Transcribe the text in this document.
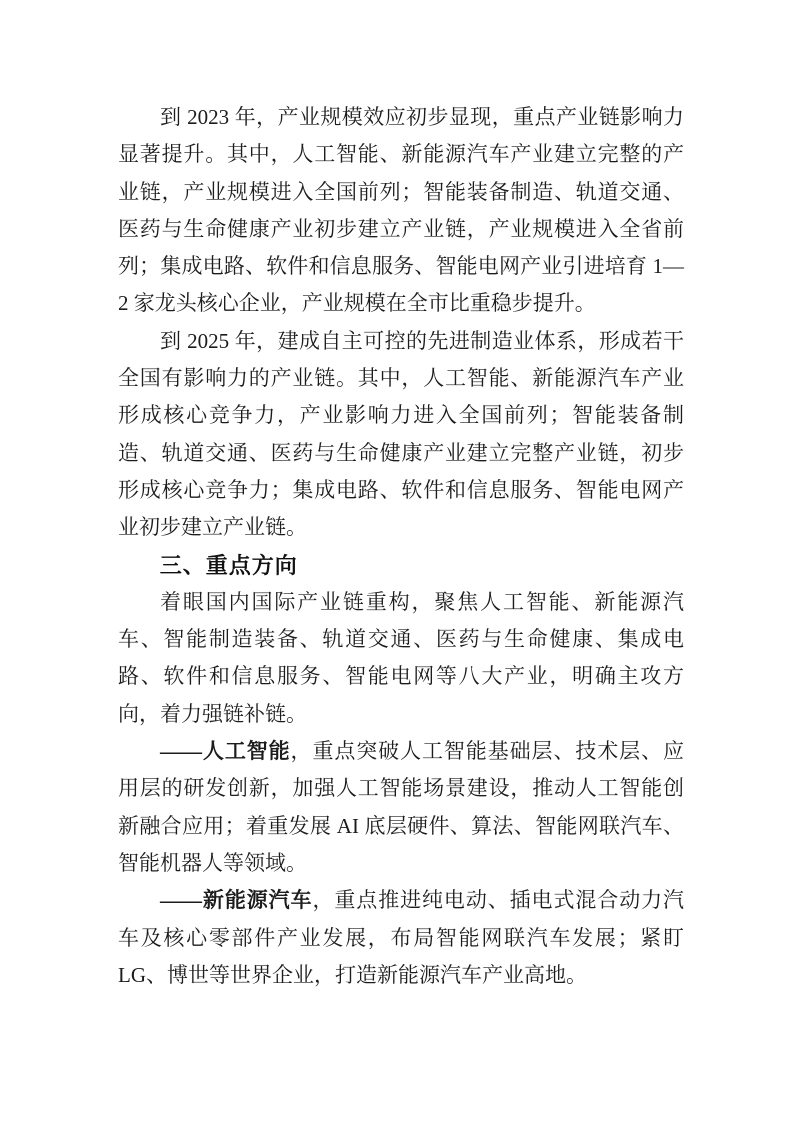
到 2023 年，产业规模效应初步显现，重点产业链影响力显著提升。其中，人工智能、新能源汽车产业建立完整的产业链，产业规模进入全国前列；智能装备制造、轨道交通、医药与生命健康产业初步建立产业链，产业规模进入全省前列；集成电路、软件和信息服务、智能电网产业引进培育 1—2 家龙头核心企业，产业规模在全市比重稳步提升。

到 2025 年，建成自主可控的先进制造业体系，形成若干全国有影响力的产业链。其中，人工智能、新能源汽车产业形成核心竞争力，产业影响力进入全国前列；智能装备制造、轨道交通、医药与生命健康产业建立完整产业链，初步形成核心竞争力；集成电路、软件和信息服务、智能电网产业初步建立产业链。

三、重点方向

着眼国内国际产业链重构，聚焦人工智能、新能源汽车、智能制造装备、轨道交通、医药与生命健康、集成电路、软件和信息服务、智能电网等八大产业，明确主攻方向，着力强链补链。

——人工智能，重点突破人工智能基础层、技术层、应用层的研发创新，加强人工智能场景建设，推动人工智能创新融合应用；着重发展 AI 底层硬件、算法、智能网联汽车、智能机器人等领域。

——新能源汽车，重点推进纯电动、插电式混合动力汽车及核心零部件产业发展，布局智能网联汽车发展；紧盯 LG、博世等世界企业，打造新能源汽车产业高地。
